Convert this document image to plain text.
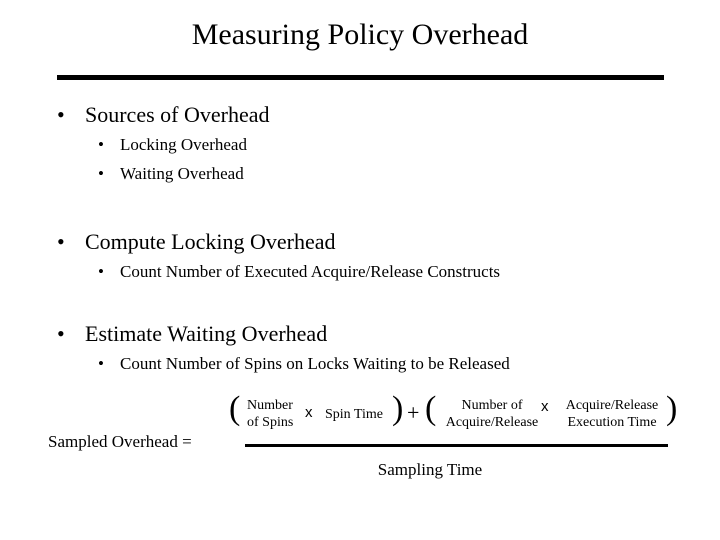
Measuring Policy Overhead
• Sources of Overhead
• Locking Overhead
• Waiting Overhead
• Compute Locking Overhead
• Count Number of Executed Acquire/Release Constructs
• Estimate Waiting Overhead
• Count Number of Spins on Locks Waiting to be Released
Sampled Overhead =
( Number
of Spins
x Spin Time ) + (	Number of
Acquire/Release
x	Acquire/Release
Execution Time )
Sampling Time
